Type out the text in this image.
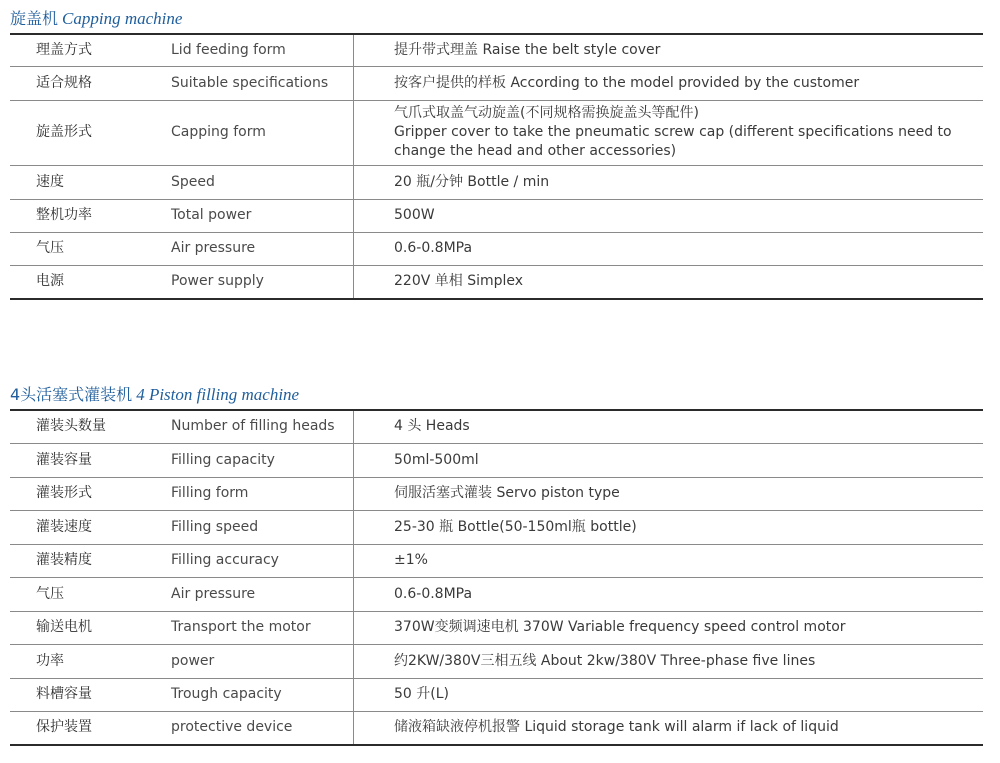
旋盖机 Capping machine
理盖方式	Lid feeding form	提升带式理盖 Raise the belt style cover
适合规格	Suitable specifications	按客户提供的样板 According to the model provided by the customer
旋盖形式	Capping form	气爪式取盖气动旋盖(不同规格需换旋盖头等配件)
Gripper cover to take the pneumatic screw cap (different specifications need to change the head and other accessories)

速度	Speed	20 瓶/分钟 Bottle / min
整机功率	Total power	500W
气压	Air pressure	0.6-0.8MPa
电源	Power supply	220V 单相 Simplex
4头活塞式灌装机 4 Piston filling machine
灌装头数量	Number of filling heads	4 头 Heads
灌装容量	Filling capacity	50ml-500ml
灌装形式	Filling form	伺服活塞式灌装 Servo piston type
灌装速度	Filling speed	25-30 瓶 Bottle(50-150ml瓶 bottle)
灌装精度	Filling accuracy	±1%
气压	Air pressure	0.6-0.8MPa
输送电机	Transport the motor	370W变频调速电机 370W Variable frequency speed control motor
功率	power	约2KW/380V三相五线 About 2kw/380V Three-phase five lines
料槽容量	Trough capacity	50 升(L)
保护装置	protective device	储液箱缺液停机报警 Liquid storage tank will alarm if lack of liquid
